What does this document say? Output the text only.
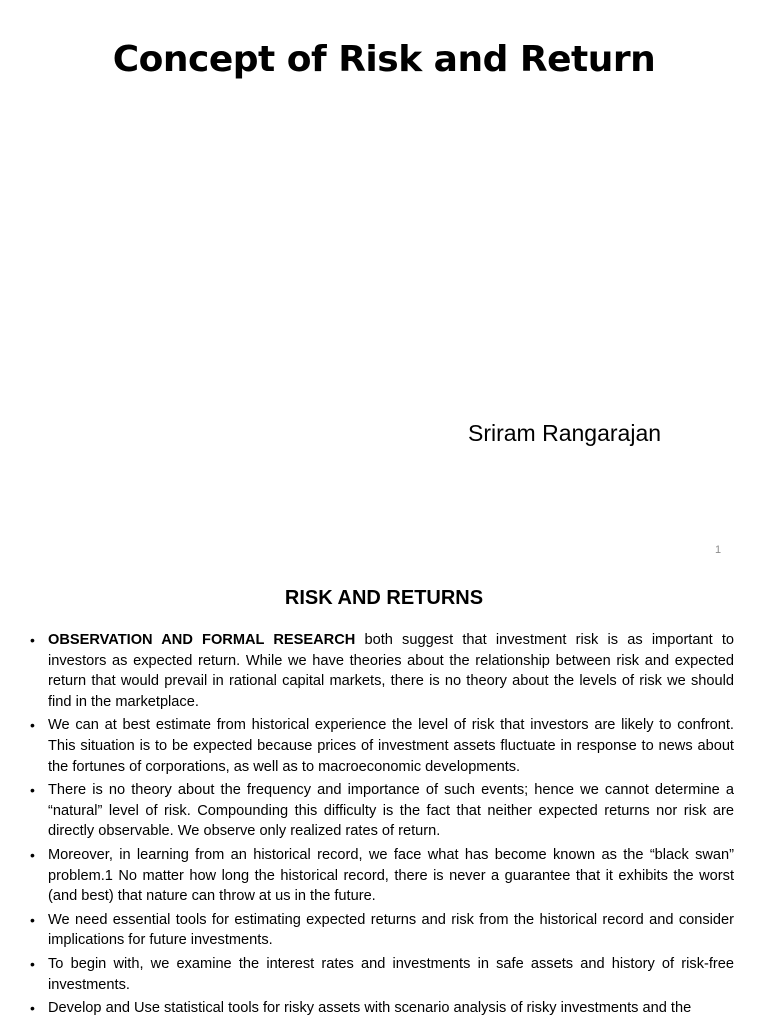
Concept of Risk and Return
Sriram Rangarajan
1
RISK AND RETURNS
• OBSERVATION AND FORMAL RESEARCH both suggest that investment risk is as important to investors as expected return. While we have theories about the relationship between risk and expected return that would prevail in rational capital markets, there is no theory about the levels of risk we should find in the marketplace.
• We can at best estimate from historical experience the level of risk that investors are likely to confront. This situation is to be expected because prices of investment assets fluctuate in response to news about the fortunes of corporations, as well as to macroeconomic developments.
• There is no theory about the frequency and importance of such events; hence we cannot determine a “natural” level of risk. Compounding this difficulty is the fact that neither expected returns nor risk are directly observable. We observe only realized rates of return.
• Moreover, in learning from an historical record, we face what has become known as the “black swan” problem.1 No matter how long the historical record, there is never a guarantee that it exhibits the worst (and best) that nature can throw at us in the future.
• We need essential tools for estimating expected returns and risk from the historical record and consider implications for future investments.
• To begin with, we examine the interest rates and investments in safe assets and history of risk-free investments.
• Develop and Use statistical tools for risky assets with scenario analysis of risky investments and the
